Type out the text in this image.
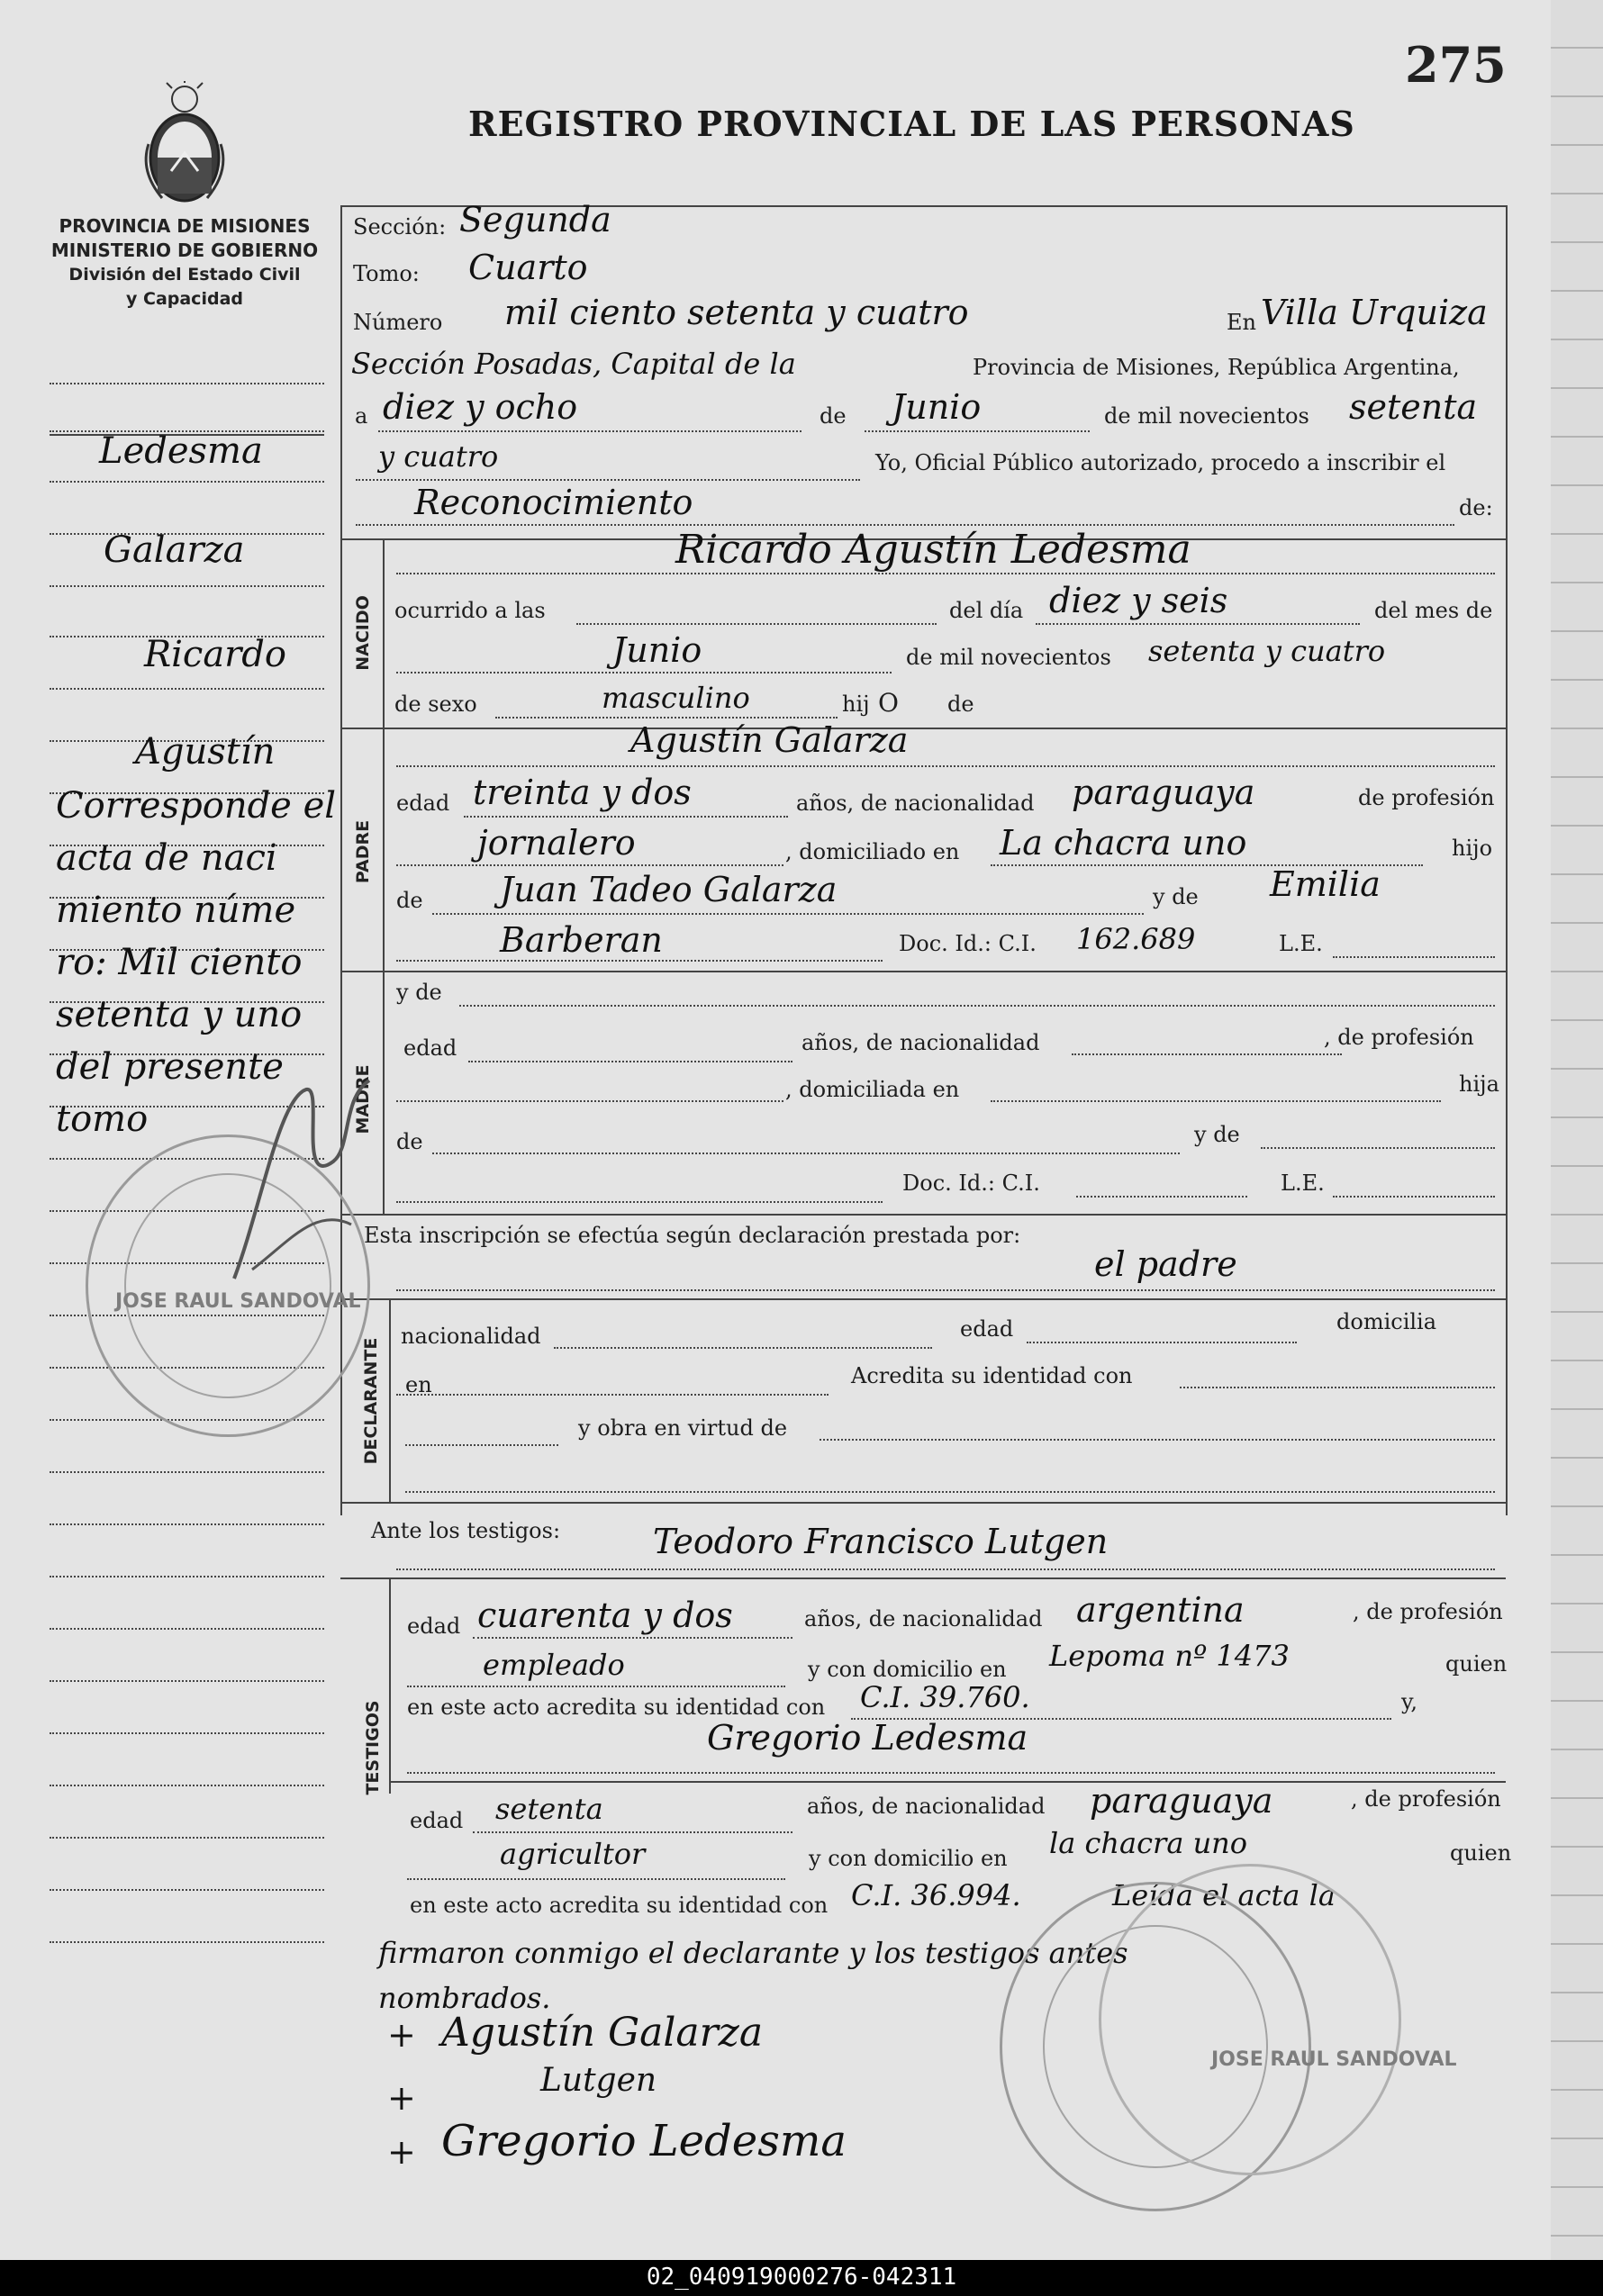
275
REGISTRO PROVINCIAL DE LAS PERSONAS
PROVINCIA DE MISIONES
MINISTERIO DE GOBIERNO
División del Estado Civil
y Capacidad
Ledesma
Galarza
Ricardo
Agustín
Corresponde el
acta de naci
miento núme
ro: Mil ciento
setenta y uno
del presente
tomo
Sección: Segunda
Tomo: Cuarto
Número mil ciento setenta y cuatro	En Villa Urquiza
Sección Posadas, Capital de la	Provincia de Misiones, República Argentina,
a diez y ocho	de Junio	de mil novecientos setenta
y cuatro	Yo, Oficial Público autorizado, procedo a inscribir el
Reconocimiento	de:
NACIDO
Ricardo Agustín Ledesma
ocurrido a las	del día diez y seis	del mes de
Junio	de mil novecientos setenta y cuatro
de sexo	masculino	hij O de
PADRE
Agustín Galarza
edad treinta y dos	años, de nacionalidad paraguaya	de profesión
jornalero	, domiciliado en La chacra uno	hijo
de Juan Tadeo Galarza	y de Emilia
Barberan	Doc. Id.: C.I. 162.689	L.E.
MADRE
y de
edad	años, de nacionalidad	, de profesión
, domiciliada en	hija
de	y de
Doc. Id.: C.I.	L.E.
Esta inscripción se efectúa según declaración prestada por:
el padre
DECLARANTE
nacionalidad	edad	domicilia
en	Acredita su identidad con
y obra en virtud de
Ante los testigos:	Teodoro Francisco Lutgen
TESTIGOS
edad cuarenta y dos	años, de nacionalidad argentina	, de profesión
empleado	y con domicilio en Lepoma nº 1473	quien
en este acto acredita su identidad con C.I. 39.760.	y,
Gregorio Ledesma
edad setenta	años, de nacionalidad paraguaya	, de profesión
agricultor	y con domicilio en la chacra uno	quien
en este acto acredita su identidad con C.I. 36.994.	Leída el acta la
firmaron conmigo el declarante y los testigos antes
nombrados.
+ Agustín Galarza
+	Lutgen
+ Gregorio Ledesma
JOSE RAUL SANDOVAL
JOSE RAUL SANDOVAL
02_040919000276-042311
